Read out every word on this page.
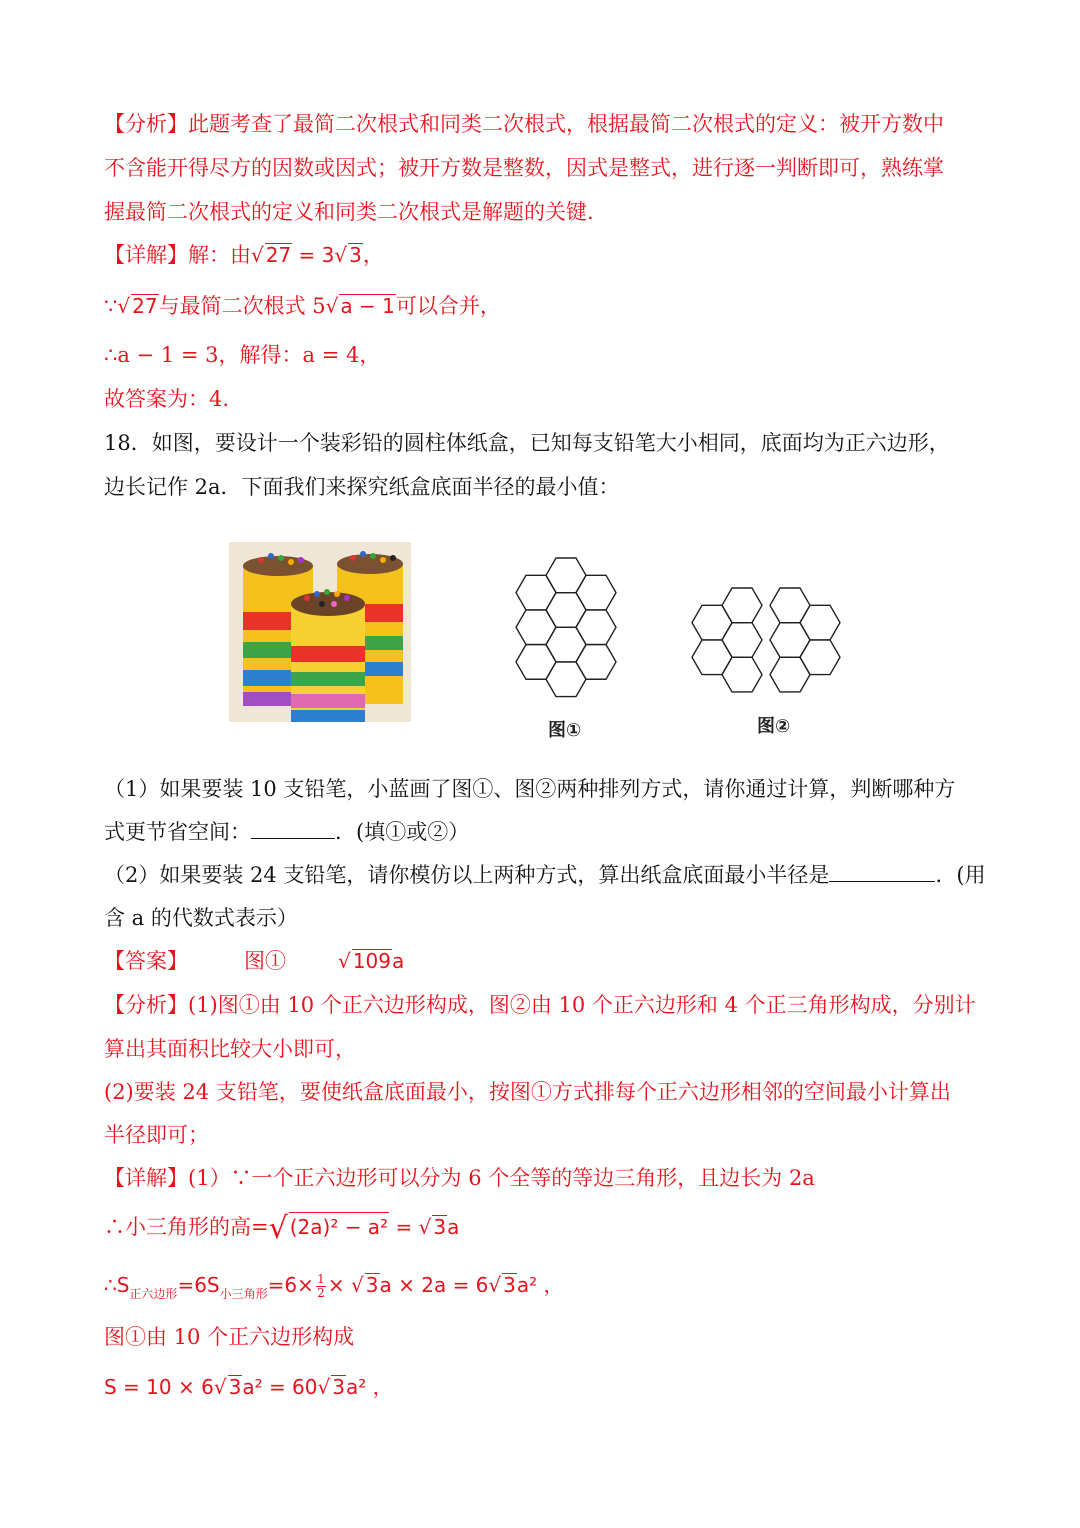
【分析】此题考查了最简二次根式和同类二次根式，根据最简二次根式的定义：被开方数中
不含能开得尽方的因数或因式；被开方数是整数，因式是整式，进行逐一判断即可，熟练掌
握最简二次根式的定义和同类二次根式是解题的关键.
【详解】解：由√ 27 = 3√ 3，
∵√ 27与最简二次根式 5√ a − 1可以合并，
∴a − 1 = 3，解得：a = 4，
故答案为：4.
18．如图，要设计一个装彩铅的圆柱体纸盒，已知每支铅笔大小相同，底面均为正六边形，
边长记作 2a．下面我们来探究纸盒底面半径的最小值：
图①	图②
（1）如果要装 10 支铅笔，小蓝画了图①、图②两种排列方式，请你通过计算，判断哪种方
式更节省空间：	．(填①或②）
（2）如果要装 24 支铅笔，请你模仿以上两种方式，算出纸盒底面最小半径是	．(用
含 a 的代数式表示）
【答案】	图①	√ 109a
【分析】(1)图①由 10 个正六边形构成，图②由 10 个正六边形和 4 个正三角形构成，分别计
算出其面积比较大小即可，
(2)要装 24 支铅笔，要使纸盒底面最小，按图①方式排每个正六边形相邻的空间最小计算出
半径即可；
【详解】(1）∵一个正六边形可以分为 6 个全等的等边三角形，且边长为 2a
∴小三角形的高=√ (2a)² − a² = √ 3a
$\therefore S_{正六边形}=6S_{小三角形}=6\times \frac{1}{2}$ × √ 3a × 2a = 6√ 3a² ，
图①由 10 个正六边形构成
S = 10 × 6√ 3a² = 60√ 3a² ，
